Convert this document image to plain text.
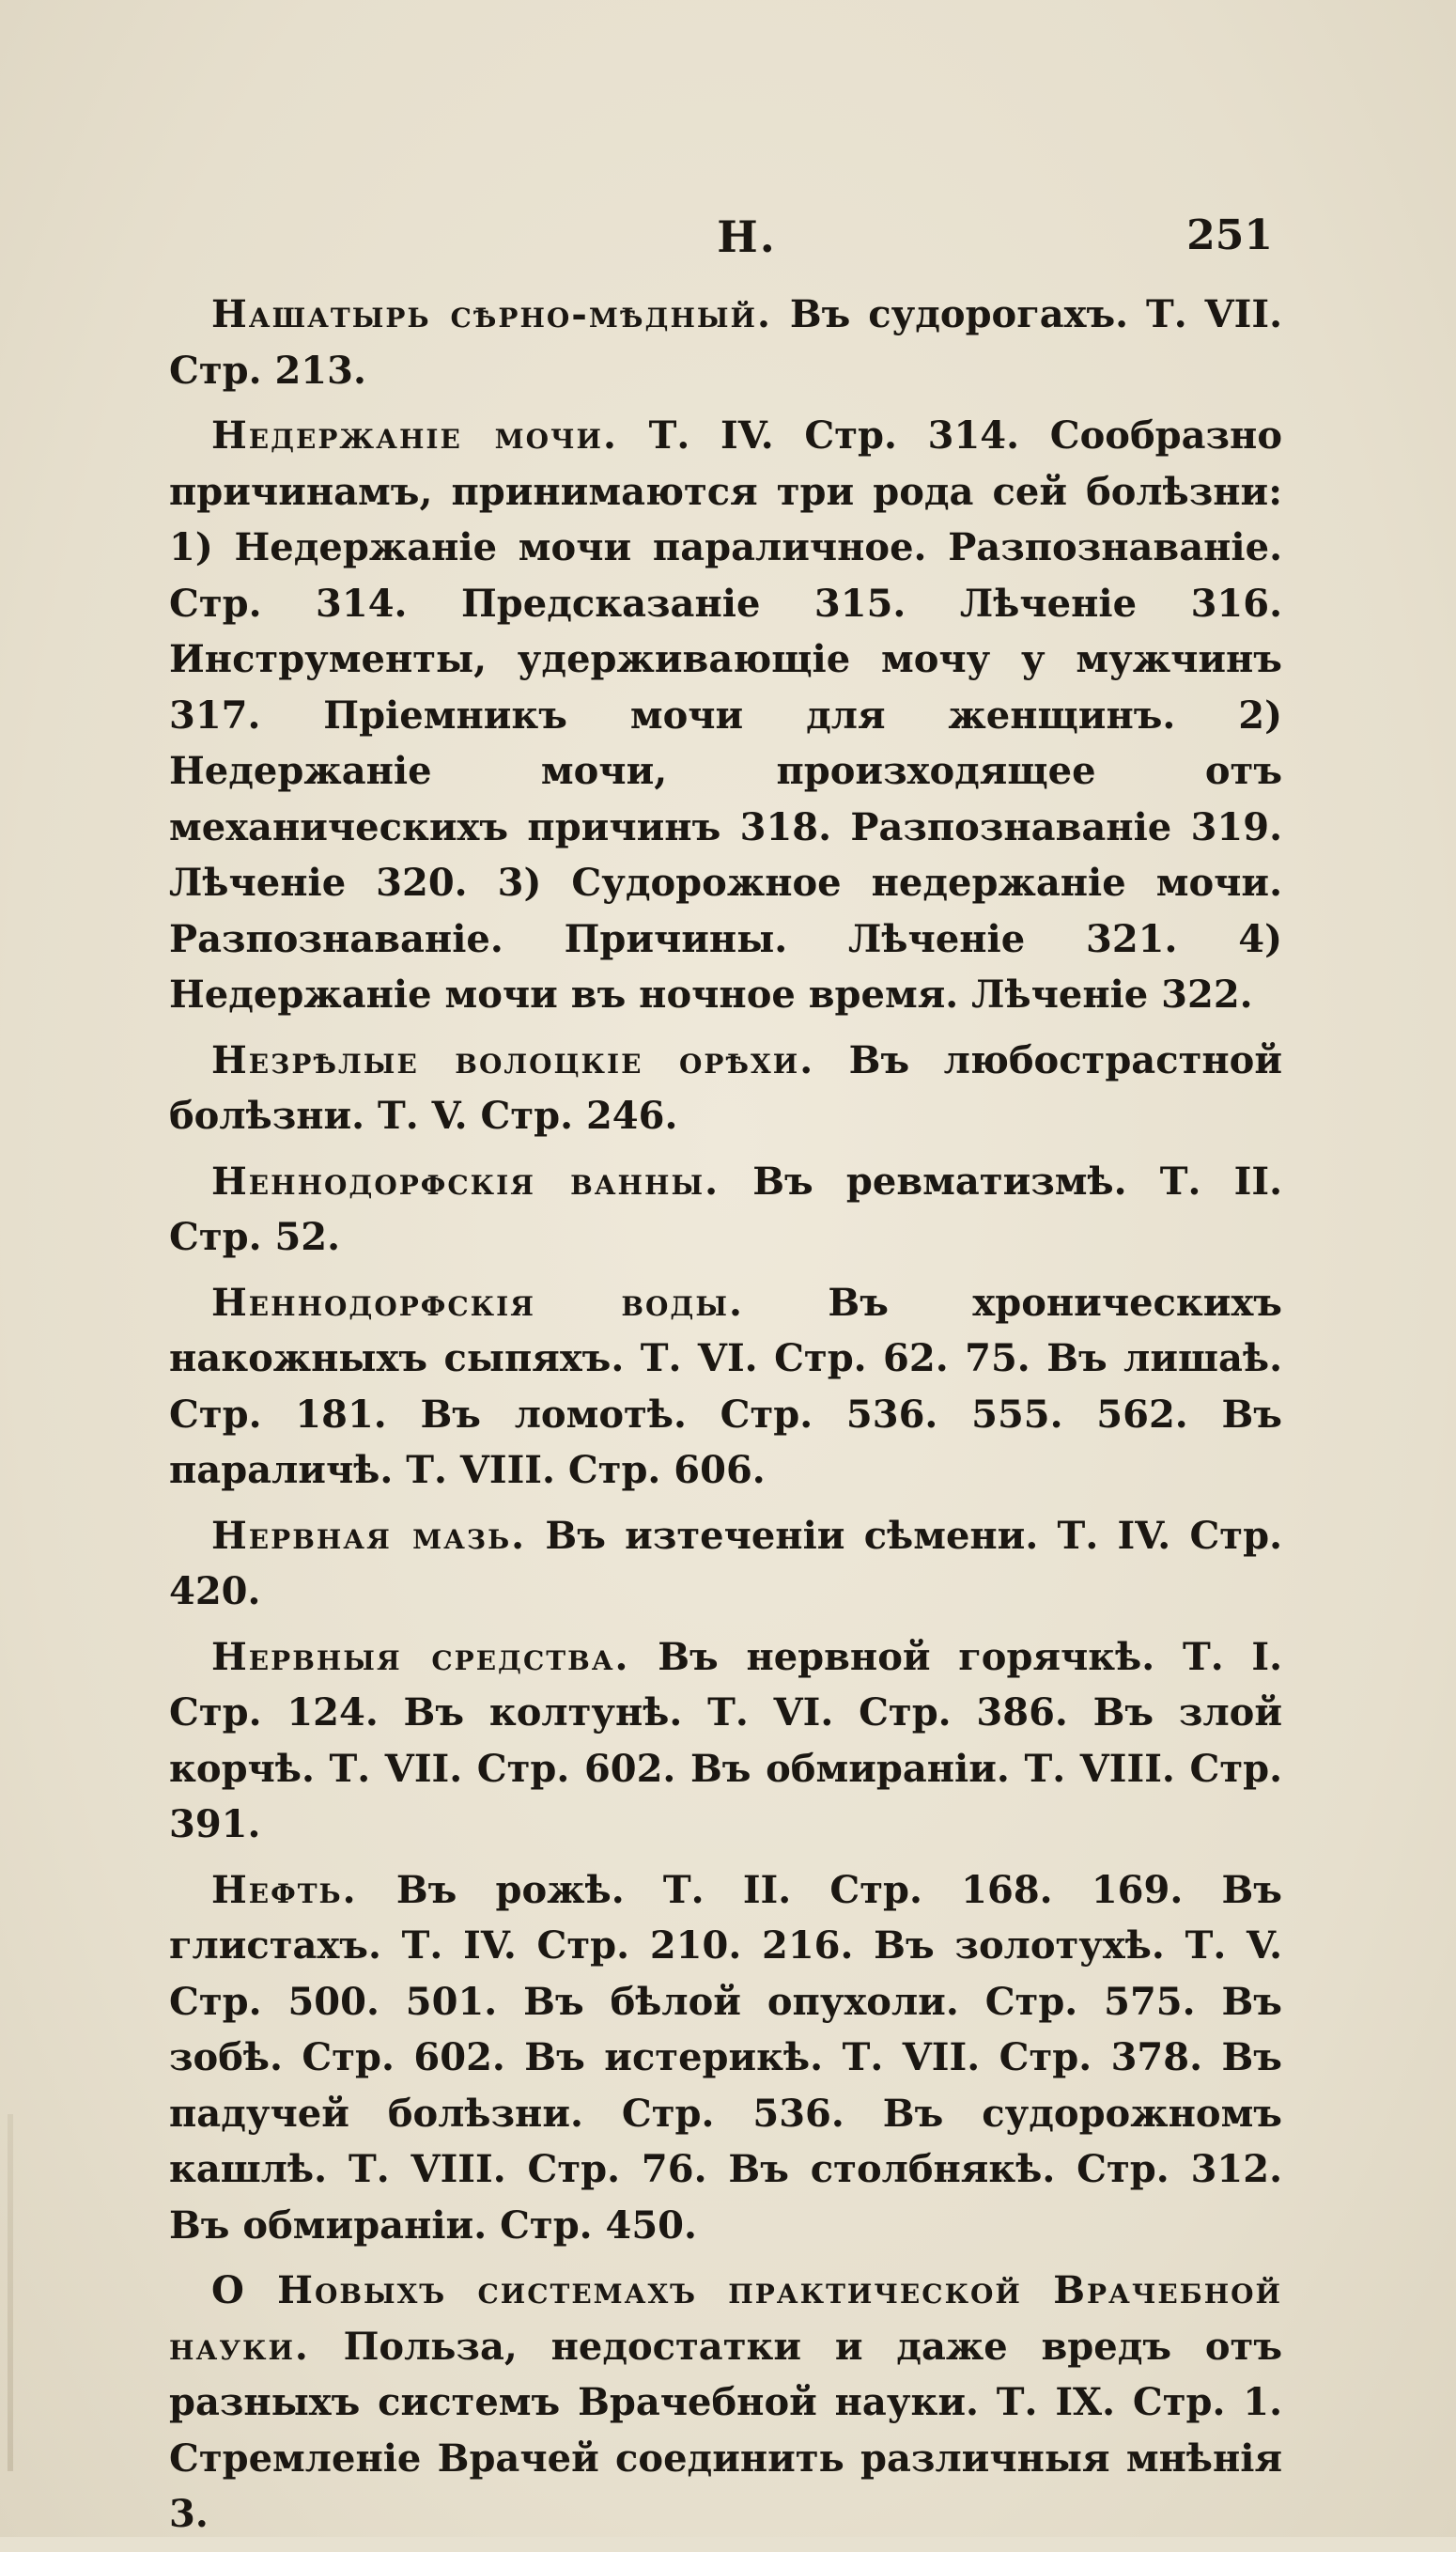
Н.	251

Нашатырь сѣрно-мѣдный. Въ судорогахъ. Т. VII. Стр. 213.

Недержаніе мочи. Т. IV. Стр. 314. Сообразно причинамъ, принимаются три рода сей болѣзни: 1) Недержаніе мочи параличное. Разпознаваніе. Стр. 314. Предсказаніе 315. Лѣченіе 316. Инструменты, удерживающіе мочу у мужчинъ 317. Пріемникъ мочи для женщинъ. 2) Недержаніе мочи, произходящее отъ механическихъ причинъ 318. Разпознаваніе 319. Лѣченіе 320. 3) Судорожное недержаніе мочи. Разпознаваніе. Причины. Лѣченіе 321. 4) Недержаніе мочи въ ночное время. Лѣченіе 322.

Незрѣлые волоцкіе орѣхи. Въ любострастной болѣзни. Т. V. Стр. 246.

Неннодорфскія ванны. Въ ревматизмѣ. Т. II. Стр. 52.

Неннодорфскія воды. Въ хроническихъ накожныхъ сыпяхъ. Т. VI. Стр. 62. 75. Въ лишаѣ. Стр. 181. Въ ломотѣ. Стр. 536. 555. 562. Въ параличѣ. Т. VIII. Стр. 606.

Нервная мазь. Въ изтеченіи сѣмени. Т. IV. Стр. 420.

Нервныя средства. Въ нервной горячкѣ. Т. I. Стр. 124. Въ колтунѣ. Т. VI. Стр. 386. Въ злой корчѣ. Т. VII. Стр. 602. Въ обмираніи. Т. VIII. Стр. 391.

Нефть. Въ рожѣ. Т. II. Стр. 168. 169. Въ глистахъ. Т. IV. Стр. 210. 216. Въ золотухѣ. Т. V. Стр. 500. 501. Въ бѣлой опухоли. Стр. 575. Въ зобѣ. Стр. 602. Въ истерикѣ. Т. VII. Стр. 378. Въ падучей болѣзни. Стр. 536. Въ судорожномъ кашлѣ. Т. VIII. Стр. 76. Въ столбнякѣ. Стр. 312. Въ обмираніи. Стр. 450.

О Новыхъ системахъ практической Врачебной науки. Польза, недостатки и даже вредъ отъ разныхъ системъ Врачебной науки. Т. IX. Стр. 1. Стремленіе Врачей соединить различныя мнѣнія 3.
